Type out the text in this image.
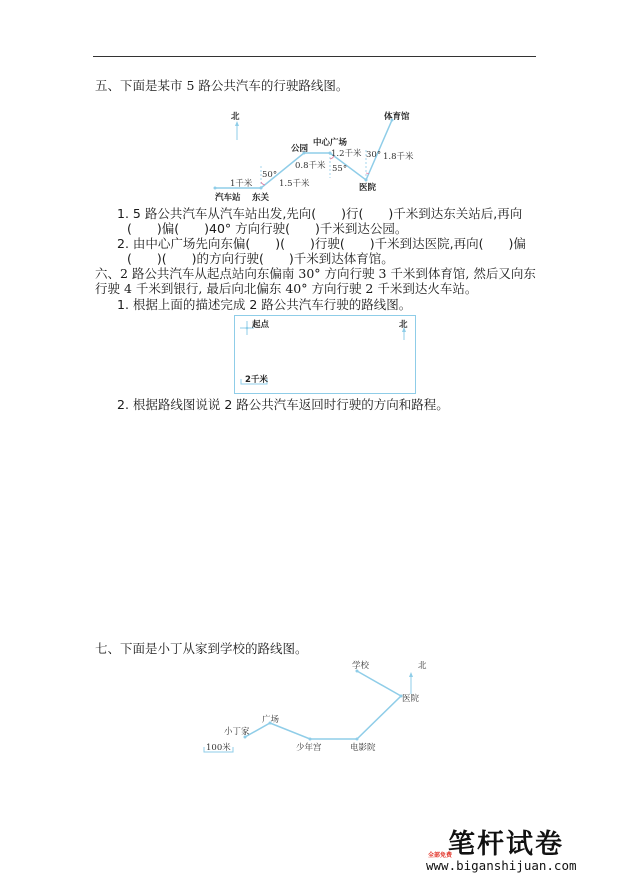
五、下面是某市 5 路公共汽车的行驶路线图。
北	体育馆
中心广场
公园	1.2千米 30° 1.8千米
0.8千米 55°
50°
1千米	1.5千米	医院
汽车站 东关
1. 5 路公共汽车从汽车站出发,先向(　　)行(　　)千米到达东关站后,再向
(　　)偏(　　)40° 方向行驶(　　)千米到达公园。
2. 由中心广场先向东偏(　　)(　　)行驶(　　)千米到达医院,再向(　　)偏
(　　)(　　)的方向行驶(　　)千米到达体育馆。
六、2 路公共汽车从起点站向东偏南 30° 方向行驶 3 千米到体育馆, 然后又向东
行驶 4 千米到银行, 最后向北偏东 40° 方向行驶 2 千米到达火车站。
1. 根据上面的描述完成 2 路公共汽车行驶的路线图。
起点	北
2千米
2. 根据路线图说说 2 路公共汽车返回时行驶的方向和路程。
七、下面是小丁从家到学校的路线图。
学校	北
医院
广场
小丁家
100米	少年宫	电影院
笔杆试卷
全部免费
www.biganshijuan.com
